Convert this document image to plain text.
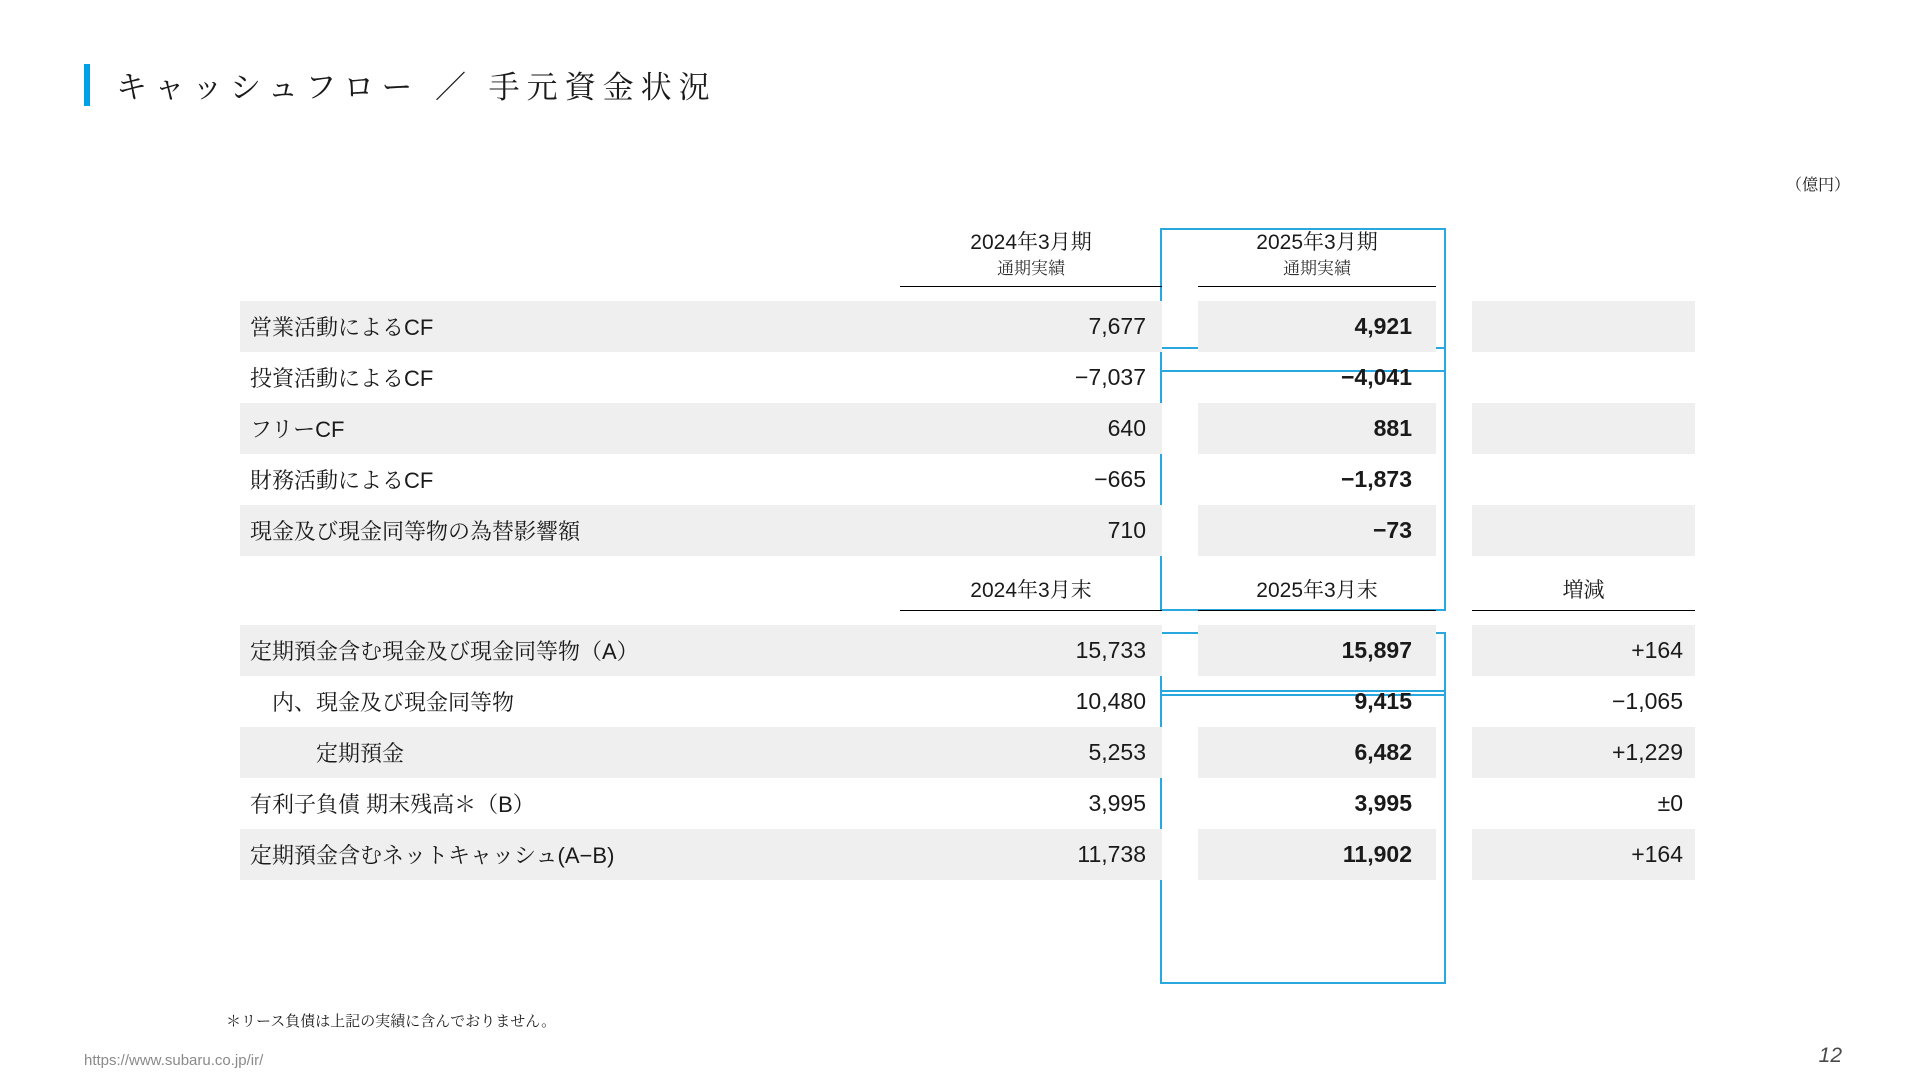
キャッシュフロー ／ 手元資金状況
（億円）
	2024年3月期
通期実績		2025年3月期
通期実績		

営業活動によるCF	7,677		4,921		
投資活動によるCF	−7,037		−4,041		
フリーCF	640		881		
財務活動によるCF	−665		−1,873		
現金及び現金同等物の為替影響額	710		−73		
	2024年3月末		2025年3月末		増減

定期預金含む現金及び現金同等物（A）	15,733		15,897		+164
　内、現金及び現金同等物	10,480		9,415		−1,065
　　　定期預金	5,253		6,482		+1,229
有利子負債 期末残高＊（B）	3,995		3,995		±0
定期預金含むネットキャッシュ(A−B)	11,738		11,902		+164
＊リース負債は上記の実績に含んでおりません。
https://www.subaru.co.jp/ir/	12
